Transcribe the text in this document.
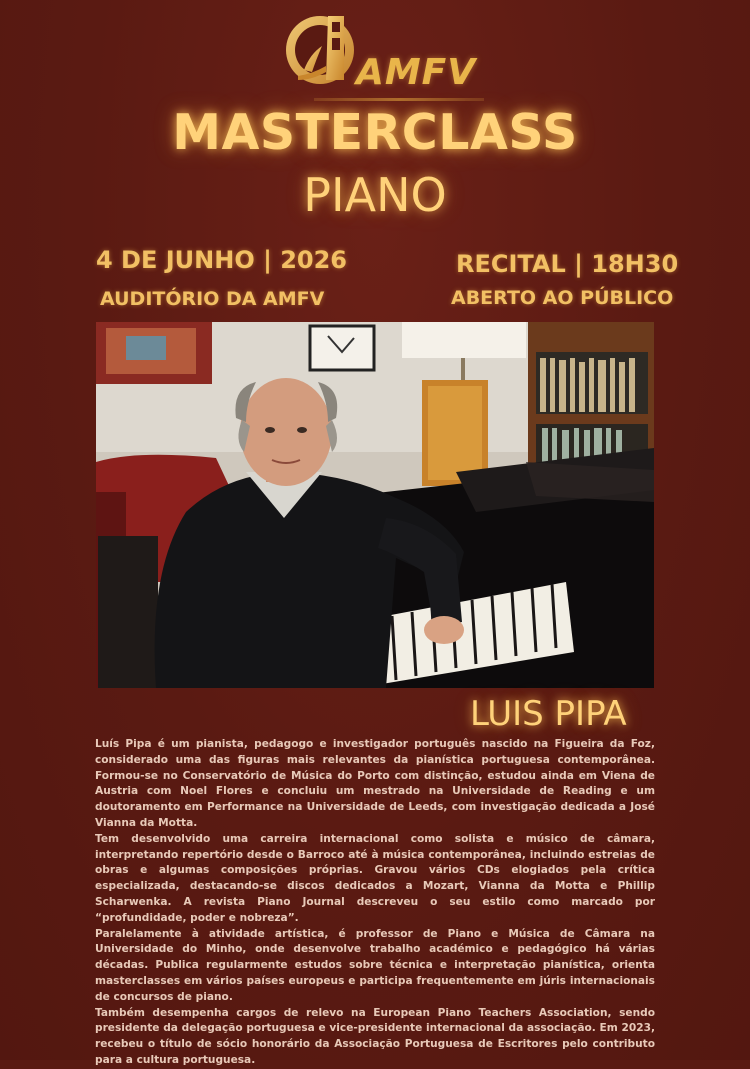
AMFV
MASTERCLASS
PIANO
4 DE JUNHO | 2026
AUDITÓRIO DA AMFV
RECITAL | 18H30
ABERTO AO PÚBLICO
LUIS PIPA

Luís Pipa é um pianista, pedagogo e investigador português nascido na Figueira da Foz, considerado uma das figuras mais relevantes da pianística portuguesa contemporânea. Formou-se no Conservatório de Música do Porto com distinção, estudou ainda em Viena de Austria com Noel Flores e concluiu um mestrado na Universidade de Reading e um doutoramento em Performance na Universidade de Leeds, com investigação dedicada a José Vianna da Motta.

Tem desenvolvido uma carreira internacional como solista e músico de câmara, interpretando repertório desde o Barroco até à música contemporânea, incluindo estreias de obras e algumas composições próprias. Gravou vários CDs elogiados pela crítica especializada, destacando-se discos dedicados a Mozart, Vianna da Motta e Phillip Scharwenka. A revista Piano Journal descreveu o seu estilo como marcado por “profundidade, poder e nobreza”.

Paralelamente à atividade artística, é professor de Piano e Música de Câmara na Universidade do Minho, onde desenvolve trabalho académico e pedagógico há várias décadas. Publica regularmente estudos sobre técnica e interpretação pianística, orienta masterclasses em vários países europeus e participa frequentemente em júris internacionais de concursos de piano.

Também desempenha cargos de relevo na European Piano Teachers Association, sendo presidente da delegação portuguesa e vice-presidente internacional da associação. Em 2023, recebeu o título de sócio honorário da Associação Portuguesa de Escritores pelo contributo para a cultura portuguesa.
